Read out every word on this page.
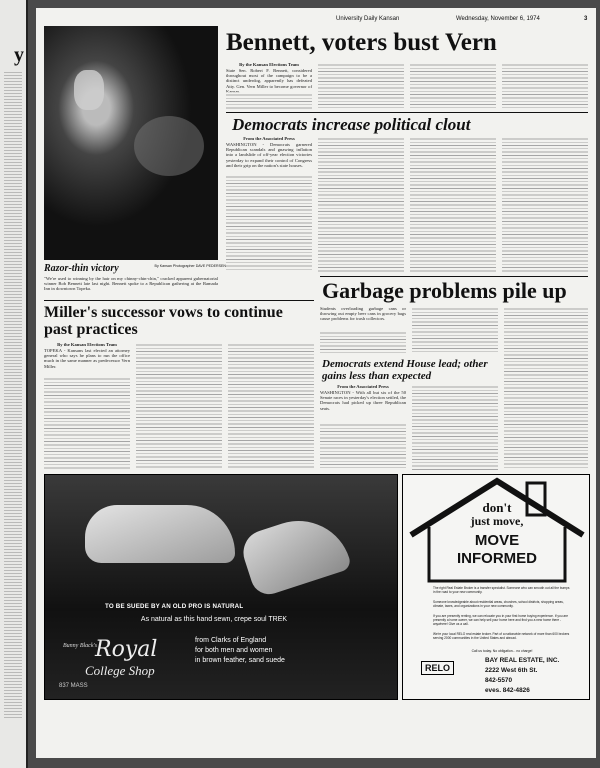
y
University Daily Kansan	Wednesday, November 6, 1974	3
By Kansan Photographer DAVE PEDERSEN
Razor-thin victory
"We're used to winning by the hair on my chinny-chin-chin," cracked apparent gubernatorial winner Bob Bennett late last night. Bennett spoke to a Republican gathering at the Ramada Inn in downtown Topeka.
Bennett, voters bust Vern
By the Kansan Elections Team
State Sen. Robert F. Bennett, considered throughout most of the campaign to be a distinct underdog, apparently has defeated Atty. Gen. Vern Miller to become governor of
Democrats increase political clout
From the Associated Press
WASHINGTON - Democrats garnered Republican scandals and gnawing inflation into a landslide of off-year election victories yesterday to expand their control of Congress and their grip on the nation's state houses.
Miller's successor vows to continue past practices
By the Kansan Elections Team
TOPEKA - Kansans last elected an attorney general who says he plans to run the office much in the same manner as predecessor Vern Miller.
Garbage problems pile up
Students overloading garbage cans or throwing out empty beer cans in grocery bags cause problems for trash collectors.
Democrats extend House lead; other gains less than expected
From the Associated Press
WASHINGTON - With all but six of the 50 Senate races in yesterday's election settled, the Democrats had picked up three Republican seats.
TO BE SUEDE BY AN OLD PRO IS NATURAL
As natural as this hand sewn, crepe soul TREK
from Clarks of England
for both men and women
in brown feather, sand suede
Bunny Black's
Royal
College Shop
837 MASS
don't
just move,
MOVE
INFORMED
The right Real Estate Broker is a transfer specialist. Someone who can smooth out all the bumps in the road to your new community.
Someone knowledgeable about residential areas, churches, school districts, shopping areas, climate, taxes, and organizations in your new community.
If you are presently renting, we can relocate you in your first home buying experience. If you are presently a home owner, we can help sell your home here and find you a new home there - anywhere! Give us a call.
We're your local RELO real estate broker. Part of a nationwide network of more than 600 brokers serving 2000 communities in the United States and abroad.
Call us today. No obligation... no charge!
RELO
BAY REAL ESTATE, INC.
2222 West 6th St.
842-5570
eves. 842-4826
